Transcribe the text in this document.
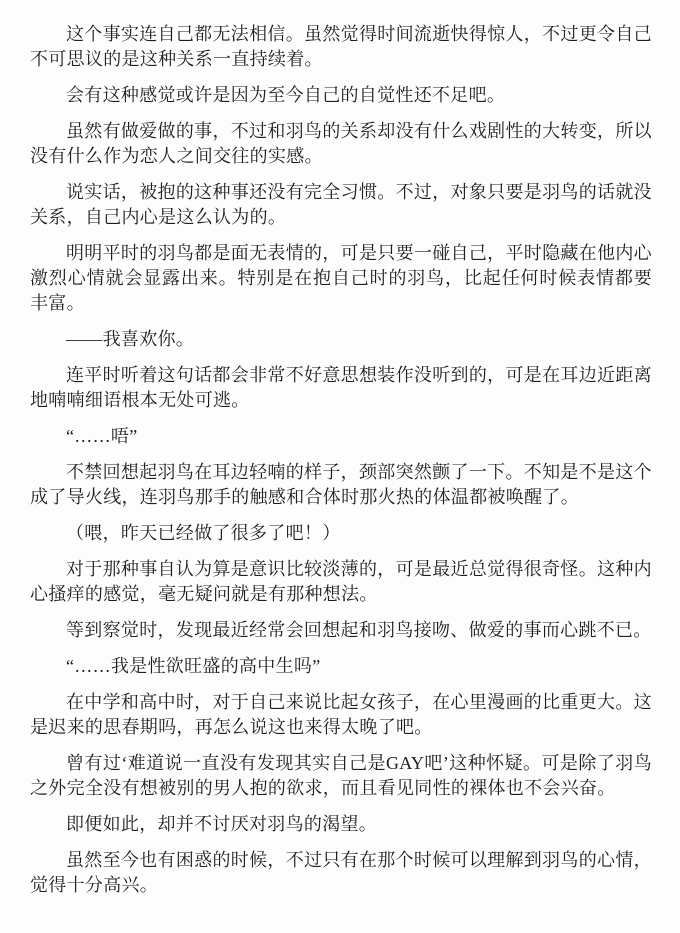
这个事实连自己都无法相信。虽然觉得时间流逝快得惊人，不过更令自己不可思议的是这种关系一直持续着。

会有这种感觉或许是因为至今自己的自觉性还不足吧。

虽然有做爱做的事，不过和羽鸟的关系却没有什么戏剧性的大转变，所以没有什么作为恋人之间交往的实感。

说实话，被抱的这种事还没有完全习惯。不过，对象只要是羽鸟的话就没关系，自己内心是这么认为的。

明明平时的羽鸟都是面无表情的，可是只要一碰自己，平时隐藏在他内心激烈心情就会显露出来。特别是在抱自己时的羽鸟，比起任何时候表情都要丰富。

——我喜欢你。

连平时听着这句话都会非常不好意思想装作没听到的，可是在耳边近距离地喃喃细语根本无处可逃。

“……唔”

不禁回想起羽鸟在耳边轻喃的样子，颈部突然颤了一下。不知是不是这个成了导火线，连羽鸟那手的触感和合体时那火热的体温都被唤醒了。

（喂，昨天已经做了很多了吧！）

对于那种事自认为算是意识比较淡薄的，可是最近总觉得很奇怪。这种内心搔痒的感觉，毫无疑问就是有那种想法。

等到察觉时，发现最近经常会回想起和羽鸟接吻、做爱的事而心跳不已。

“……我是性欲旺盛的高中生吗”

在中学和高中时，对于自己来说比起女孩子，在心里漫画的比重更大。这是迟来的思春期吗，再怎么说这也来得太晚了吧。

曾有过‘难道说一直没有发现其实自己是GAY吧’这种怀疑。可是除了羽鸟之外完全没有想被别的男人抱的欲求，而且看见同性的裸体也不会兴奋。

即便如此，却并不讨厌对羽鸟的渴望。

虽然至今也有困惑的时候，不过只有在那个时候可以理解到羽鸟的心情，觉得十分高兴。
